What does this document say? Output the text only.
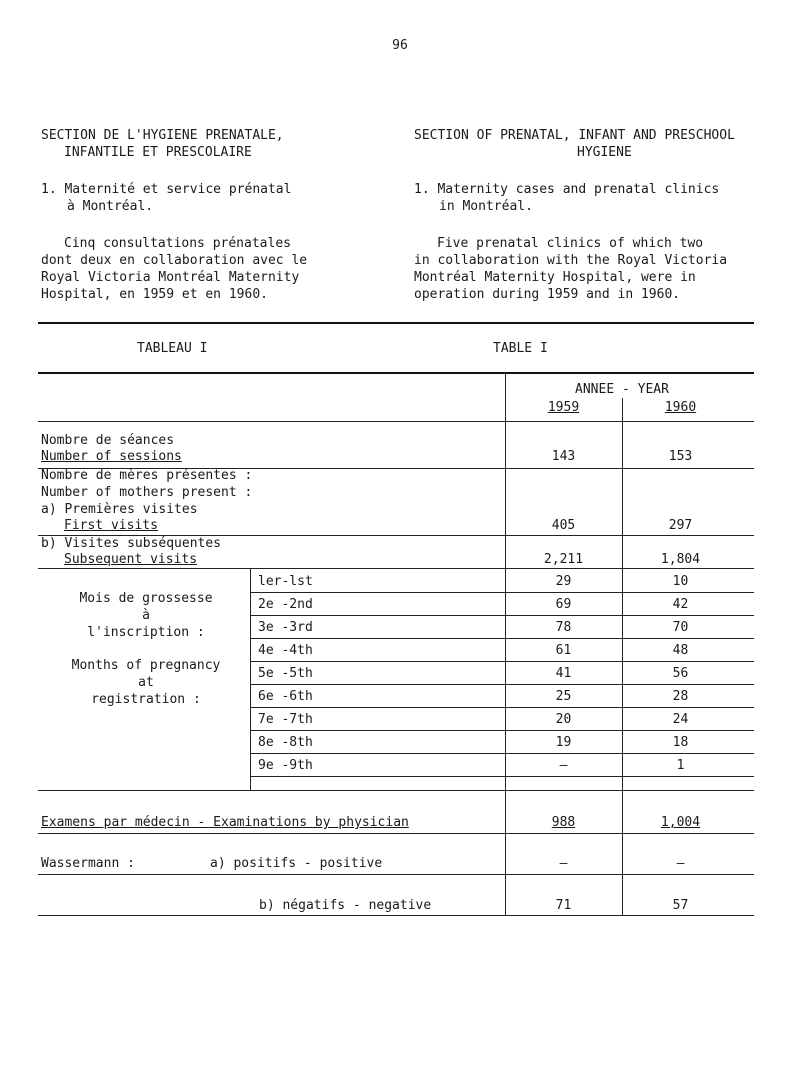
96
SECTION DE L'HYGIENE PRENATALE,
INFANTILE ET PRESCOLAIRE
1. Maternité et service prénatal
à Montréal.
Cinq consultations prénatales
dont deux en collaboration avec le
Royal Victoria Montréal Maternity
Hospital, en 1959 et en 1960.
SECTION OF PRENATAL, INFANT AND PRESCHOOL
HYGIENE
1. Maternity cases and prenatal clinics
in Montréal.
Five prenatal clinics of which two
in collaboration with the Royal Victoria
Montréal Maternity Hospital, were in
operation during 1959 and in 1960.
TABLEAU I	TABLE I
ANNEE - YEAR
1959	1960
Nombre de séances
Number of sessions	143	153
Nombre de mères présentes :
Number of mothers present :
a) Premières visites
First visits	405	297
b) Visites subséquentes
Subsequent visits	2,211	1,804
Mois de grossesse
à
l'inscription :
Months of pregnancy
at
registration :
ler-lst	29	10
2e -2nd	69	42
3e -3rd	78	70
4e -4th	61	48
5e -5th	41	56
6e -6th	25	28
7e -7th	20	24
8e -8th	19	18
9e -9th	—	1
Examens par médecin - Examinations by physician	988	1,004
Wassermann :	a) positifs - positive	—	—
b) négatifs - negative	71	57
